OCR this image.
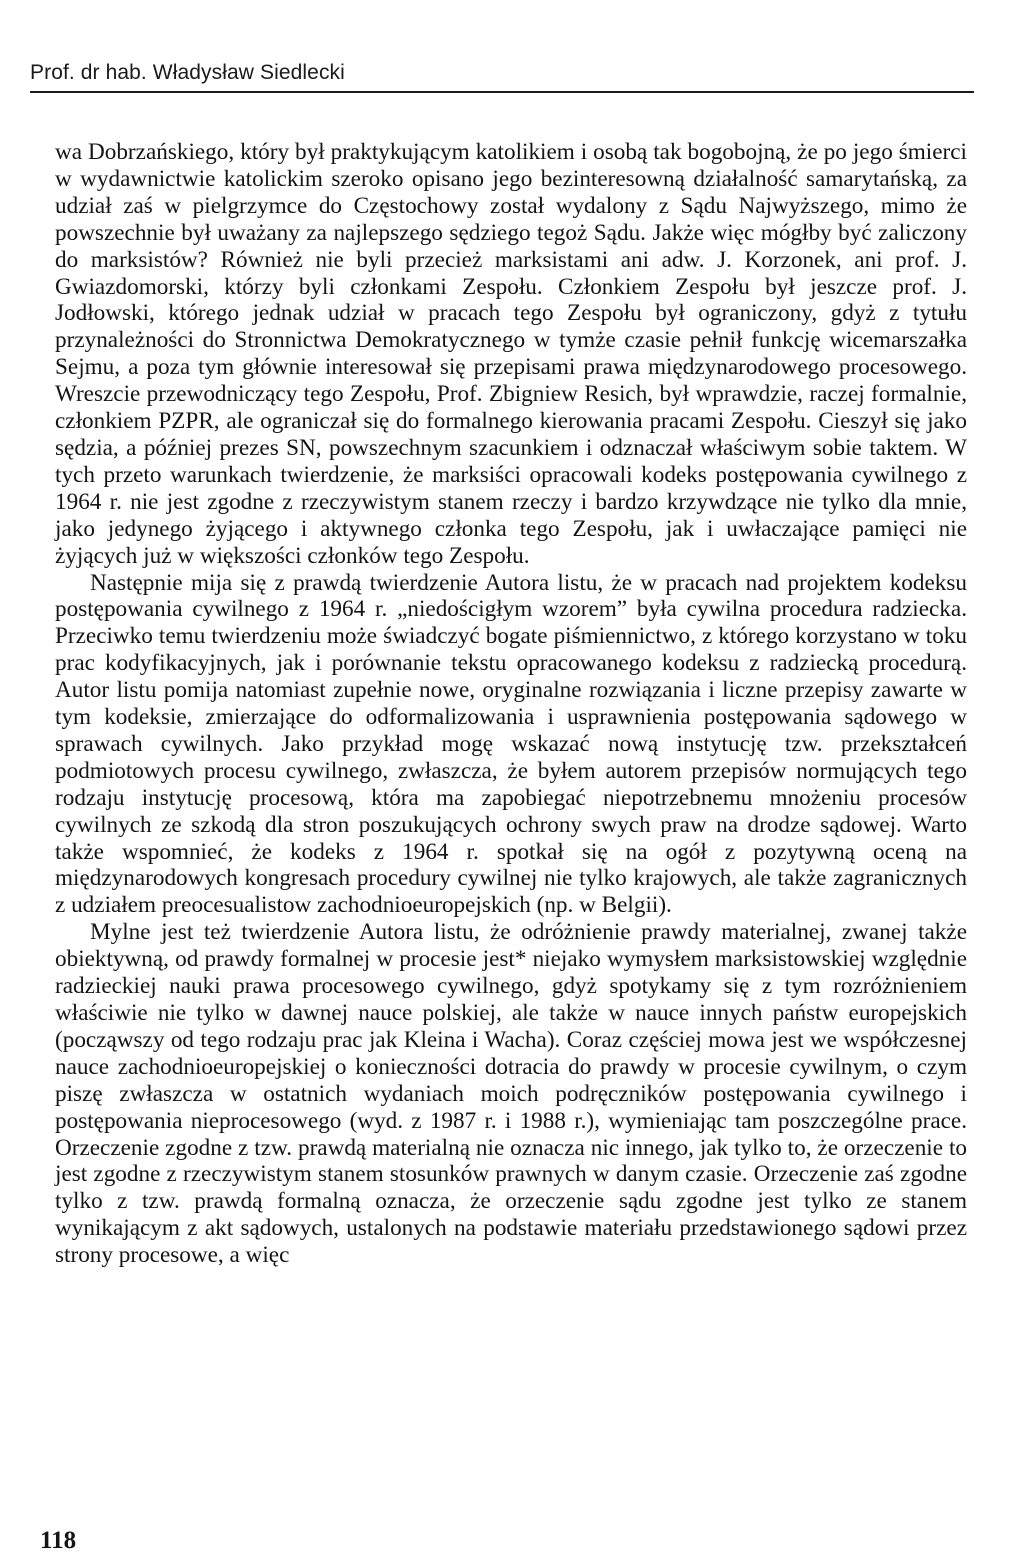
Prof. dr hab. Władysław Siedlecki

wa Dobrzańskiego, który był praktykującym katolikiem i osobą tak bogobojną, że po jego śmierci w wydawnictwie katolickim szeroko opisano jego bezinteresowną działalność samarytańską, za udział zaś w pielgrzymce do Częstochowy został wydalony z Sądu Najwyższego, mimo że powszechnie był uważany za najlepszego sędziego tegoż Sądu. Jakże więc mógłby być zaliczony do marksistów? Również nie byli przecież marksistami ani adw. J. Korzonek, ani prof. J. Gwiazdomorski, którzy byli członkami Zespołu. Członkiem Zespołu był jeszcze prof. J. Jodłowski, którego jednak udział w pracach tego Zespołu był ograniczony, gdyż z tytułu przynależności do Stronnictwa Demokratycznego w tymże czasie pełnił funkcję wicemarszałka Sejmu, a poza tym głównie interesował się przepisami prawa międzynarodowego procesowego. Wreszcie przewodniczący tego Zespołu, Prof. Zbigniew Resich, był wprawdzie, raczej formalnie, członkiem PZPR, ale ograniczał się do formalnego kierowania pracami Zespołu. Cieszył się jako sędzia, a później prezes SN, powszechnym szacunkiem i odznaczał właściwym sobie taktem. W tych przeto warunkach twierdzenie, że marksiści opracowali kodeks postępowania cywilnego z 1964 r. nie jest zgodne z rzeczywistym stanem rzeczy i bardzo krzywdzące nie tylko dla mnie, jako jedynego żyjącego i aktywnego członka tego Zespołu, jak i uwłaczające pamięci nie żyjących już w większości członków tego Zespołu.

Następnie mija się z prawdą twierdzenie Autora listu, że w pracach nad projektem kodeksu postępowania cywilnego z 1964 r. „niedościgłym wzorem” była cywilna procedura radziecka. Przeciwko temu twierdzeniu może świadczyć bogate piśmiennictwo, z którego korzystano w toku prac kodyfikacyjnych, jak i porównanie tekstu opracowanego kodeksu z radziecką procedurą. Autor listu pomija natomiast zupełnie nowe, oryginalne rozwiązania i liczne przepisy zawarte w tym kodeksie, zmierzające do odformalizowania i usprawnienia postępowania sądowego w sprawach cywilnych. Jako przykład mogę wskazać nową instytucję tzw. przekształceń podmiotowych procesu cywilnego, zwłaszcza, że byłem autorem przepisów normujących tego rodzaju instytucję procesową, która ma zapobiegać niepotrzebnemu mnożeniu procesów cywilnych ze szkodą dla stron poszukujących ochrony swych praw na drodze sądowej. Warto także wspomnieć, że kodeks z 1964 r. spotkał się na ogół z pozytywną oceną na międzynarodowych kongresach procedury cywilnej nie tylko krajowych, ale także zagranicznych z udziałem preocesualistow zachodnioeuropejskich (np. w Belgii).

Mylne jest też twierdzenie Autora listu, że odróżnienie prawdy materialnej, zwanej także obiektywną, od prawdy formalnej w procesie jest* niejako wymysłem marksistowskiej względnie radzieckiej nauki prawa procesowego cywilnego, gdyż spotykamy się z tym rozróżnieniem właściwie nie tylko w dawnej nauce polskiej, ale także w nauce innych państw europejskich (począwszy od tego rodzaju prac jak Kleina i Wacha). Coraz częściej mowa jest we współczesnej nauce zachodnioeuropejskiej o konieczności dotracia do prawdy w procesie cywilnym, o czym piszę zwłaszcza w ostatnich wydaniach moich podręczników postępowania cywilnego i postępowania nieprocesowego (wyd. z 1987 r. i 1988 r.), wymieniając tam poszczególne prace. Orzeczenie zgodne z tzw. prawdą materialną nie oznacza nic innego, jak tylko to, że orzeczenie to jest zgodne z rzeczywistym stanem stosunków prawnych w danym czasie. Orzeczenie zaś zgodne tylko z tzw. prawdą formalną oznacza, że orzeczenie sądu zgodne jest tylko ze stanem wynikającym z akt sądowych, ustalonych na podstawie materiału przedstawionego sądowi przez strony procesowe, a więc

118
